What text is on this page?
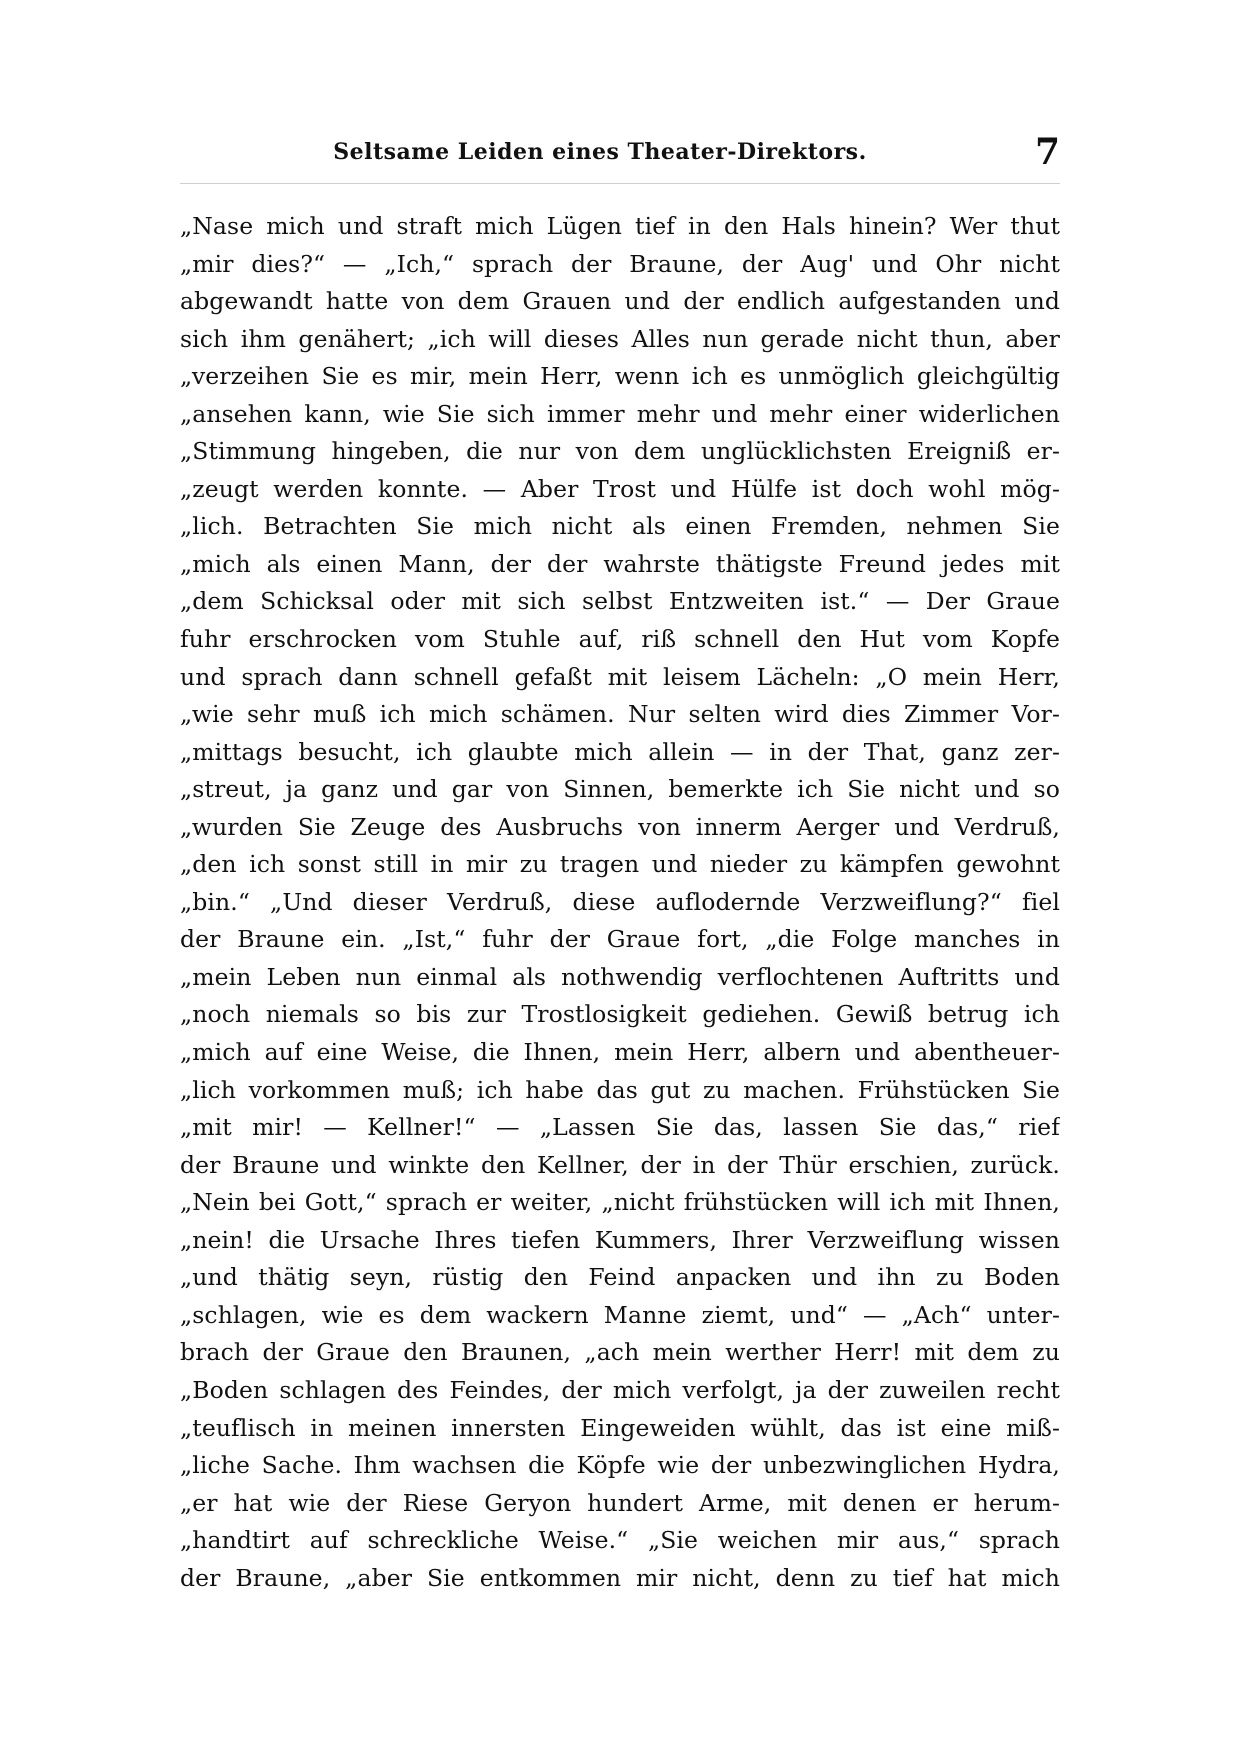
Seltsame Leiden eines Theater-Direktors.	7
„Nase mich und straft mich Lügen tief in den Hals hinein? Wer thut
„mir dies?“ — „Ich,“ sprach der Braune, der Aug' und Ohr nicht
abgewandt hatte von dem Grauen und der endlich aufgestanden und
sich ihm genähert; „ich will dieses Alles nun gerade nicht thun, aber
„verzeihen Sie es mir, mein Herr, wenn ich es unmöglich gleichgültig
„ansehen kann, wie Sie sich immer mehr und mehr einer widerlichen
„Stimmung hingeben, die nur von dem unglücklichsten Ereigniß er-
„zeugt werden konnte. — Aber Trost und Hülfe ist doch wohl mög-
„lich. Betrachten Sie mich nicht als einen Fremden, nehmen Sie
„mich als einen Mann, der der wahrste thätigste Freund jedes mit
„dem Schicksal oder mit sich selbst Entzweiten ist.“ — Der Graue
fuhr erschrocken vom Stuhle auf, riß schnell den Hut vom Kopfe
und sprach dann schnell gefaßt mit leisem Lächeln: „O mein Herr,
„wie sehr muß ich mich schämen. Nur selten wird dies Zimmer Vor-
„mittags besucht, ich glaubte mich allein — in der That, ganz zer-
„streut, ja ganz und gar von Sinnen, bemerkte ich Sie nicht und so
„wurden Sie Zeuge des Ausbruchs von innerm Aerger und Verdruß,
„den ich sonst still in mir zu tragen und nieder zu kämpfen gewohnt
„bin.“ „Und dieser Verdruß, diese auflodernde Verzweiflung?“ fiel
der Braune ein. „Ist,“ fuhr der Graue fort, „die Folge manches in
„mein Leben nun einmal als nothwendig verflochtenen Auftritts und
„noch niemals so bis zur Trostlosigkeit gediehen. Gewiß betrug ich
„mich auf eine Weise, die Ihnen, mein Herr, albern und abentheuer-
„lich vorkommen muß; ich habe das gut zu machen. Frühstücken Sie
„mit mir! — Kellner!“ — „Lassen Sie das, lassen Sie das,“ rief
der Braune und winkte den Kellner, der in der Thür erschien, zurück.
„Nein bei Gott,“ sprach er weiter, „nicht frühstücken will ich mit Ihnen,
„nein! die Ursache Ihres tiefen Kummers, Ihrer Verzweiflung wissen
„und thätig seyn, rüstig den Feind anpacken und ihn zu Boden
„schlagen, wie es dem wackern Manne ziemt, und“ — „Ach“ unter-
brach der Graue den Braunen, „ach mein werther Herr! mit dem zu
„Boden schlagen des Feindes, der mich verfolgt, ja der zuweilen recht
„teuflisch in meinen innersten Eingeweiden wühlt, das ist eine miß-
„liche Sache. Ihm wachsen die Köpfe wie der unbezwinglichen Hydra,
„er hat wie der Riese Geryon hundert Arme, mit denen er herum-
„handtirt auf schreckliche Weise.“ „Sie weichen mir aus,“ sprach
der Braune, „aber Sie entkommen mir nicht, denn zu tief hat mich
